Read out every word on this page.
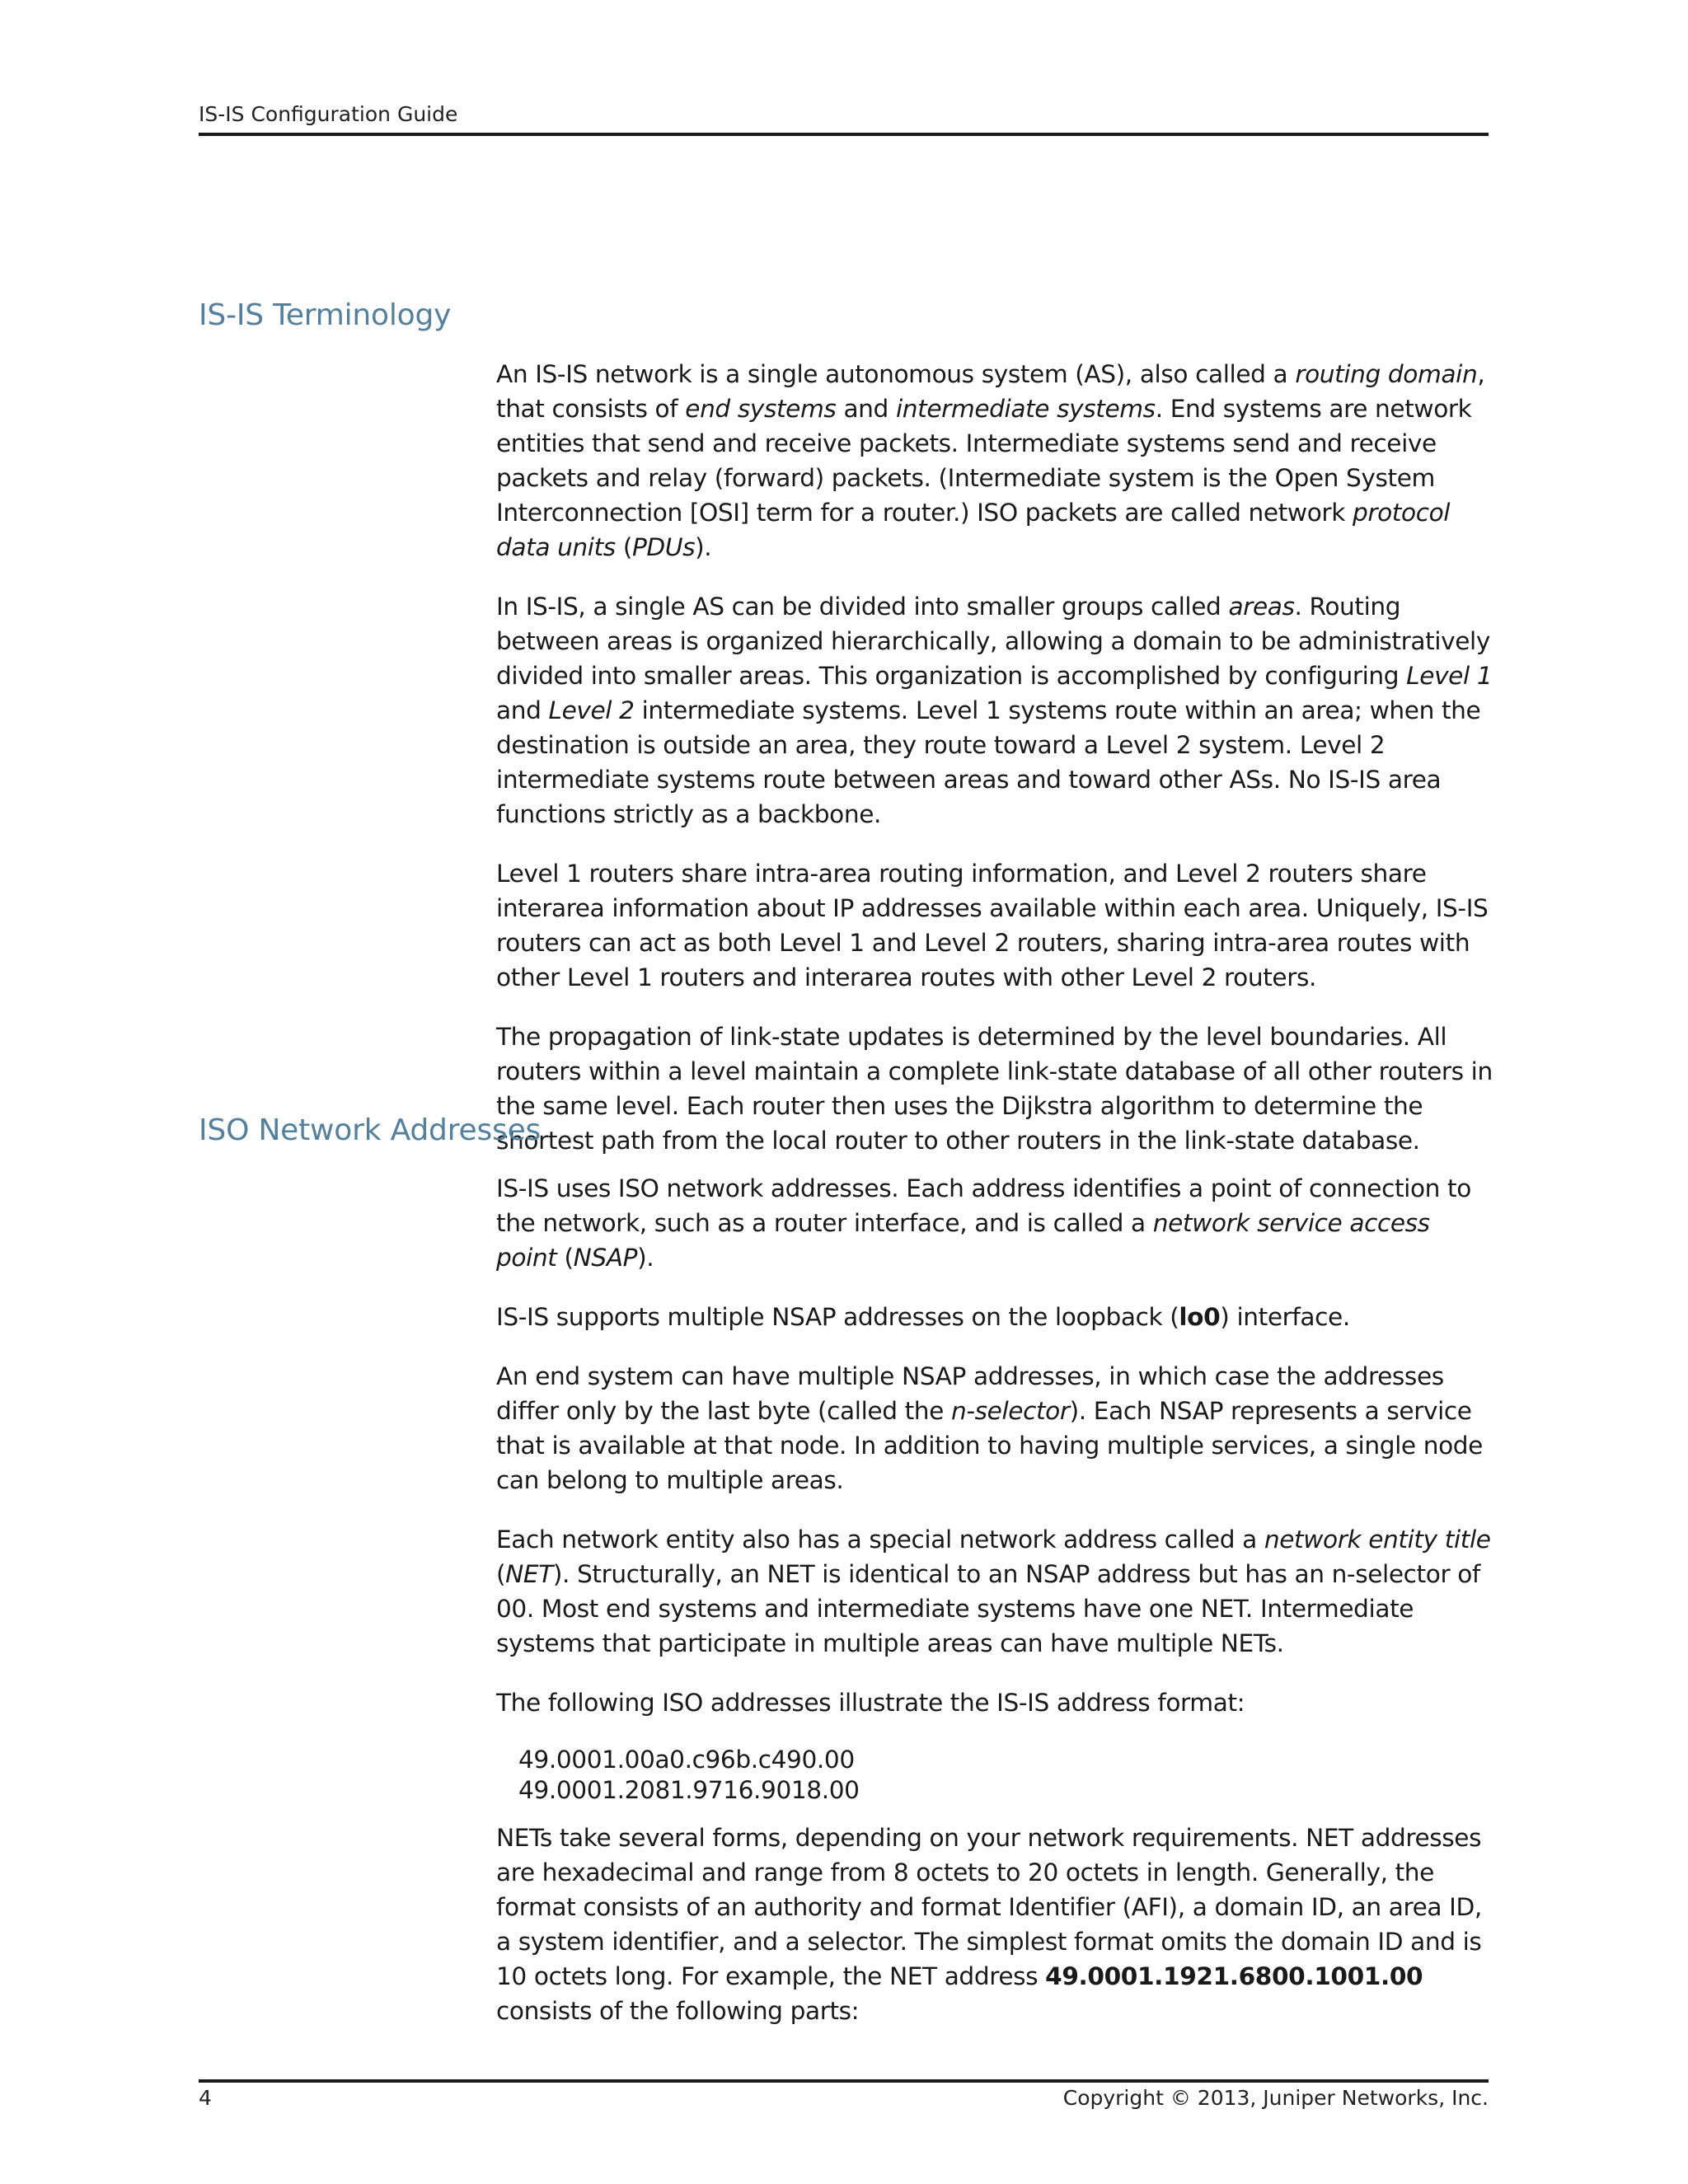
IS-IS Configuration Guide
IS-IS Terminology

An IS-IS network is a single autonomous system (AS), also called a routing domain, that consists of end systems and intermediate systems. End systems are network entities that send and receive packets. Intermediate systems send and receive packets and relay (forward) packets. (Intermediate system is the Open System Interconnection [OSI] term for a router.) ISO packets are called network protocol data units (PDUs).

In IS-IS, a single AS can be divided into smaller groups called areas. Routing between areas is organized hierarchically, allowing a domain to be administratively divided into smaller areas. This organization is accomplished by configuring Level 1 and Level 2 intermediate systems. Level 1 systems route within an area; when the destination is outside an area, they route toward a Level 2 system. Level 2 intermediate systems route between areas and toward other ASs. No IS-IS area functions strictly as a backbone.

Level 1 routers share intra-area routing information, and Level 2 routers share interarea information about IP addresses available within each area. Uniquely, IS-IS routers can act as both Level 1 and Level 2 routers, sharing intra-area routes with other Level 1 routers and interarea routes with other Level 2 routers.

The propagation of link-state updates is determined by the level boundaries. All routers within a level maintain a complete link-state database of all other routers in the same level. Each router then uses the Dijkstra algorithm to determine the shortest path from the local router to other routers in the link-state database.

ISO Network Addresses

IS-IS uses ISO network addresses. Each address identifies a point of connection to the network, such as a router interface, and is called a network service access point (NSAP).

IS-IS supports multiple NSAP addresses on the loopback (lo0) interface.

An end system can have multiple NSAP addresses, in which case the addresses differ only by the last byte (called the n-selector). Each NSAP represents a service that is available at that node. In addition to having multiple services, a single node can belong to multiple areas.

Each network entity also has a special network address called a network entity title (NET). Structurally, an NET is identical to an NSAP address but has an n-selector of 00. Most end systems and intermediate systems have one NET. Intermediate systems that participate in multiple areas can have multiple NETs.

The following ISO addresses illustrate the IS-IS address format:

49.0001.00a0.c96b.c490.00
49.0001.2081.9716.9018.00

NETs take several forms, depending on your network requirements. NET addresses are hexadecimal and range from 8 octets to 20 octets in length. Generally, the format consists of an authority and format Identifier (AFI), a domain ID, an area ID, a system identifier, and a selector. The simplest format omits the domain ID and is 10 octets long. For example, the NET address 49.0001.1921.6800.1001.00 consists of the following parts:

4	Copyright © 2013, Juniper Networks, Inc.
